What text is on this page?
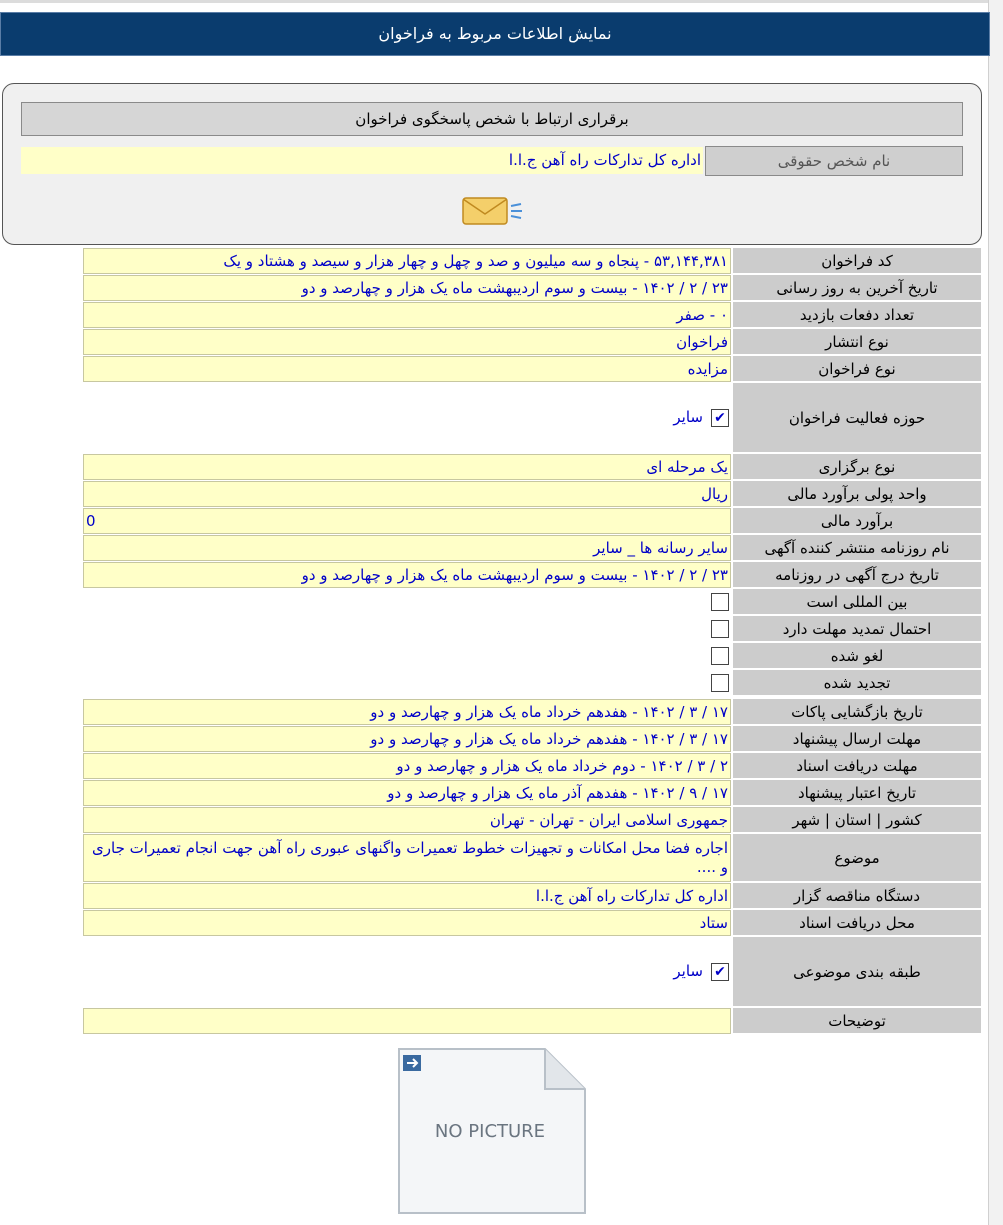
نمایش اطلاعات مربوط به فراخوان
برقراری ارتباط با شخص پاسخگوی فراخوان
نام شخص حقوقی
اداره کل تدارکات راه آهن ج.ا.ا
کد فراخوان
۵۳,۱۴۴,۳۸۱ - پنجاه و سه میلیون و صد و چهل و چهار هزار و سیصد و هشتاد و یک
تاریخ آخرین به روز رسانی
۲۳ / ۲ / ۱۴۰۲ - بیست و سوم اردیبهشت ماه یک هزار و چهارصد و دو
تعداد دفعات بازدید
۰ - صفر
نوع انتشار
فراخوان
نوع فراخوان
مزایده
حوزه فعالیت فراخوان
✔
سایر
نوع برگزاری
یک مرحله ای
واحد پولی برآورد مالی
ریال
برآورد مالی
0
نام روزنامه منتشر کننده آگهی
سایر رسانه ها _ سایر
تاریخ درج آگهی در روزنامه
۲۳ / ۲ / ۱۴۰۲ - بیست و سوم اردیبهشت ماه یک هزار و چهارصد و دو
بین المللی است
احتمال تمدید مهلت دارد
لغو شده
تجدید شده
تاریخ بازگشایی پاکات
۱۷ / ۳ / ۱۴۰۲ - هفدهم خرداد ماه یک هزار و چهارصد و دو
مهلت ارسال پیشنهاد
۱۷ / ۳ / ۱۴۰۲ - هفدهم خرداد ماه یک هزار و چهارصد و دو
مهلت دریافت اسناد
۲ / ۳ / ۱۴۰۲ - دوم خرداد ماه یک هزار و چهارصد و دو
تاریخ اعتبار پیشنهاد
۱۷ / ۹ / ۱۴۰۲ - هفدهم آذر ماه یک هزار و چهارصد و دو
کشور | استان | شهر
جمهوری اسلامی ایران - تهران - تهران
موضوع
اجاره فضا محل امکانات و تجهیزات خطوط تعمیرات واگنهای عبوری راه آهن جهت انجام تعمیرات جاری و ....
دستگاه مناقصه گزار
اداره کل تدارکات راه آهن ج.ا.ا
محل دریافت اسناد
ستاد
طبقه بندی موضوعی
✔
سایر
توضیحات
NO PICTURE
